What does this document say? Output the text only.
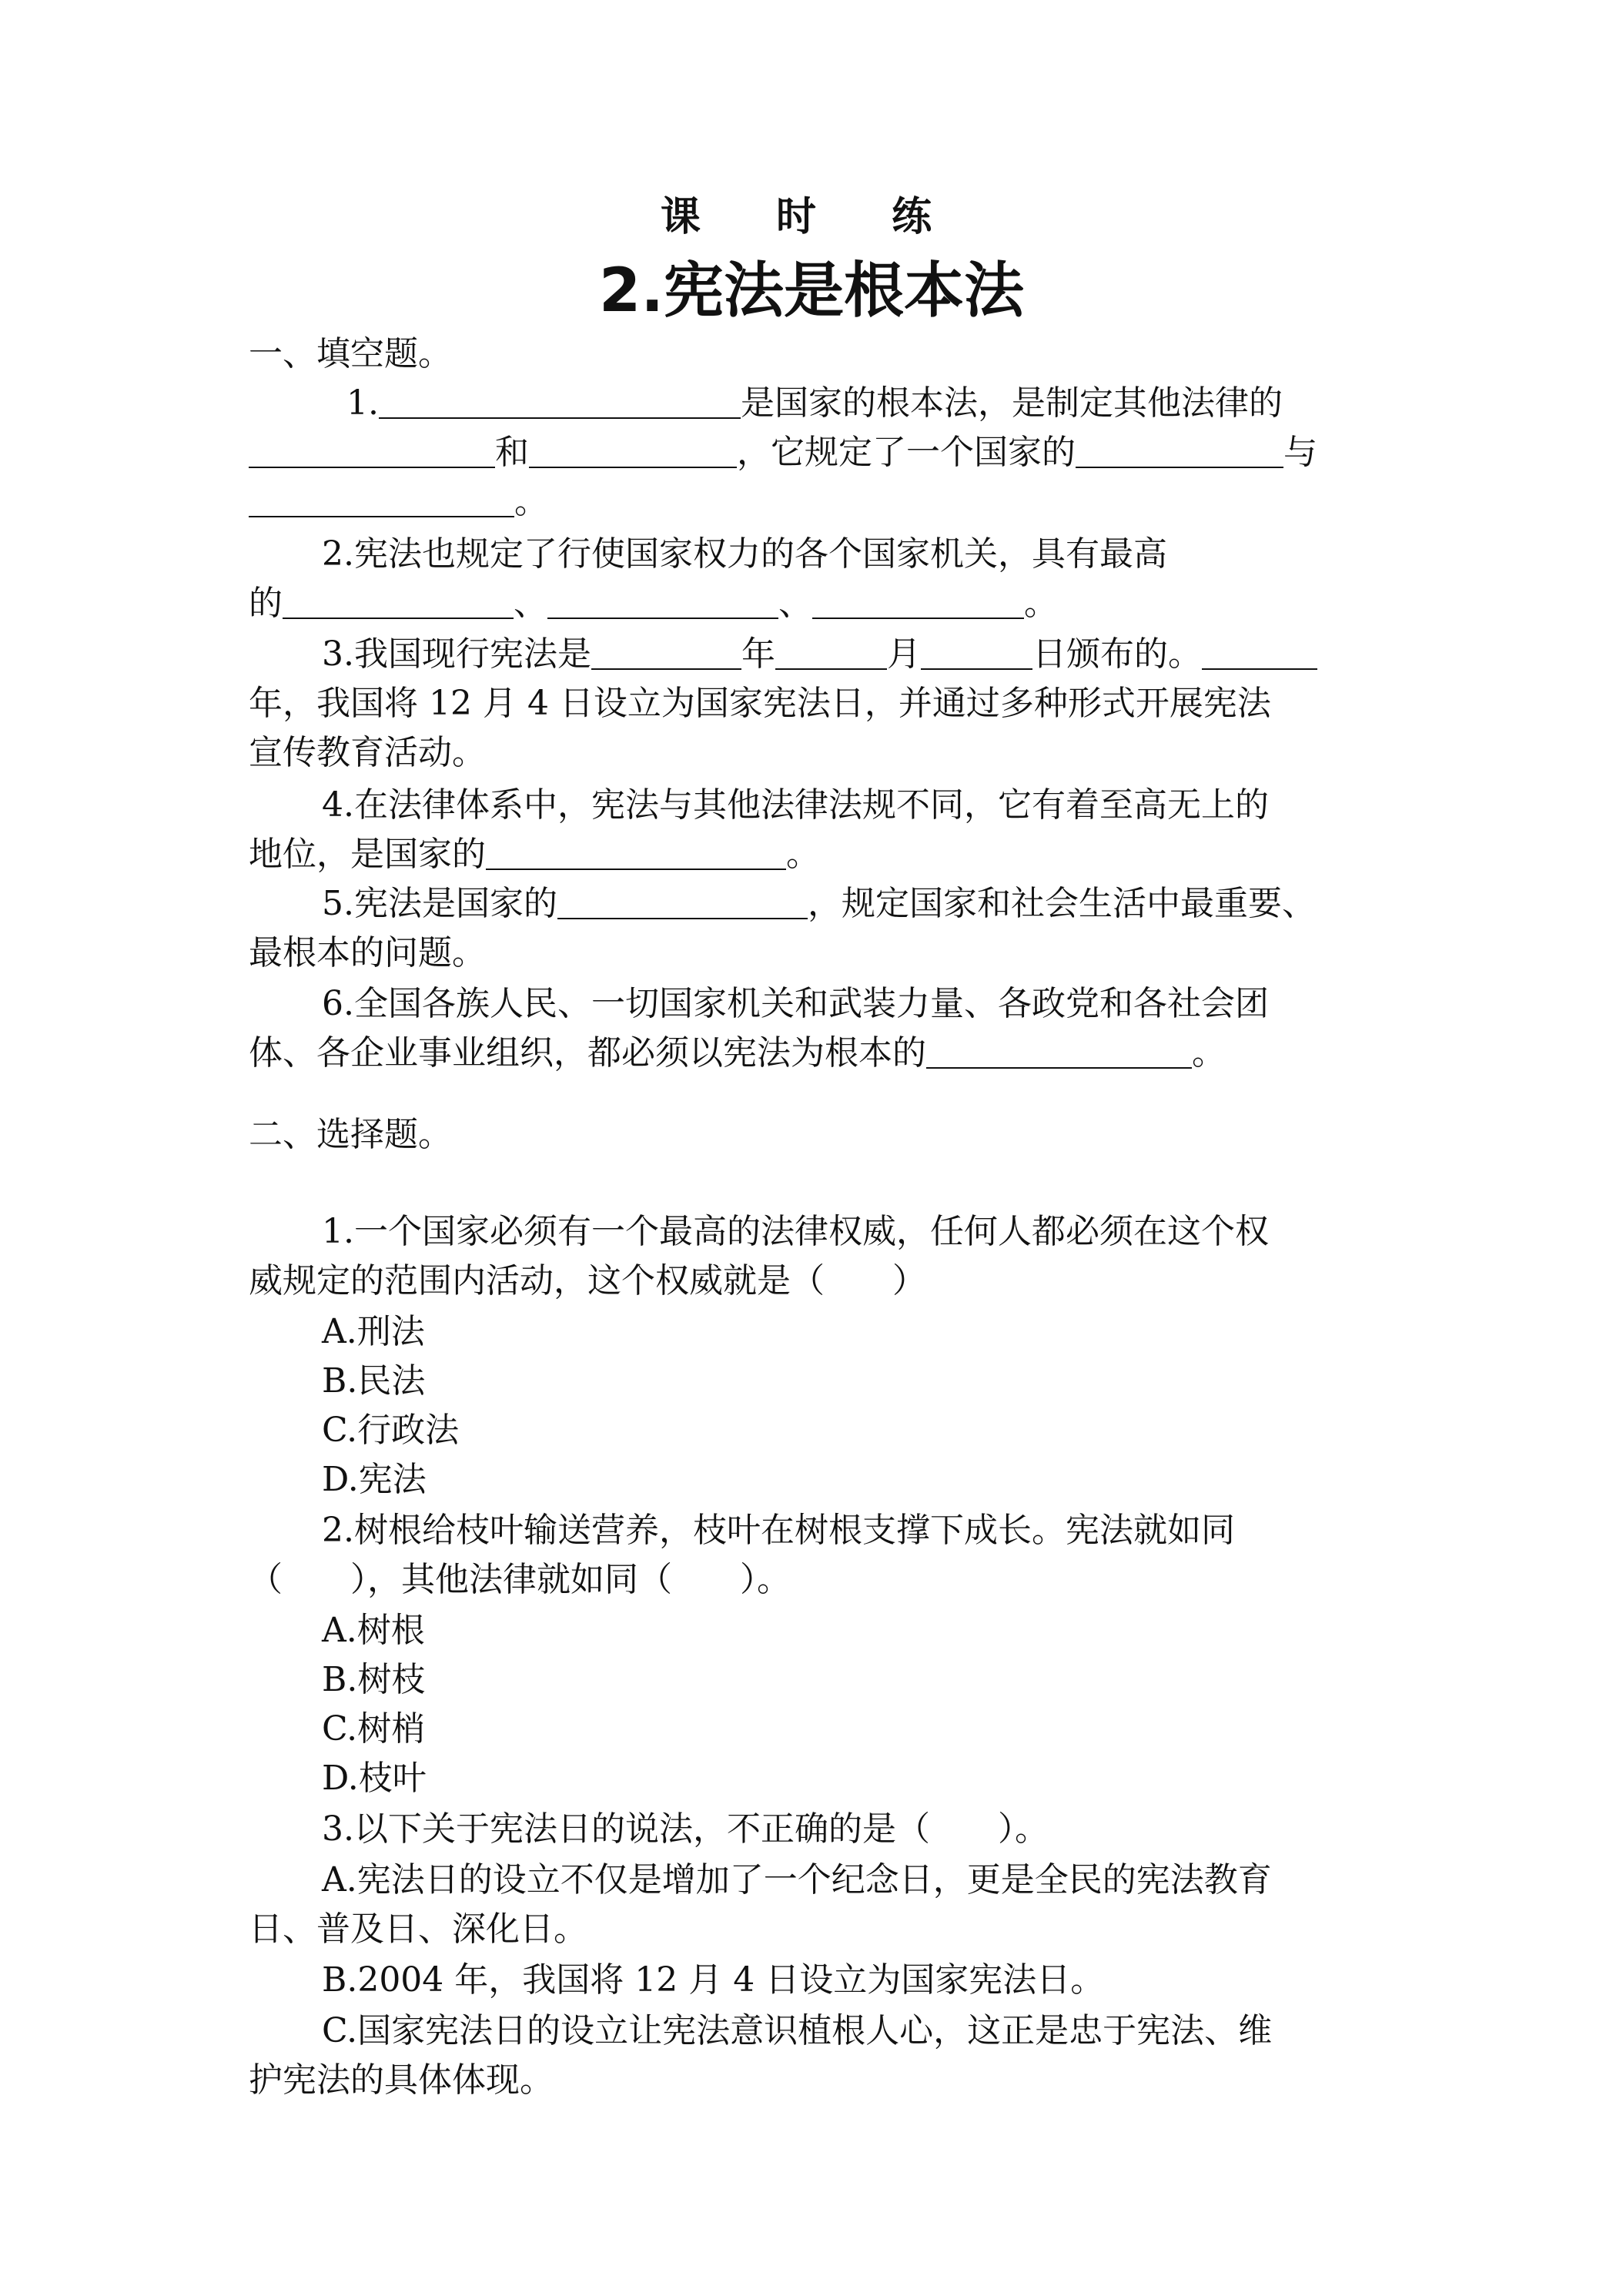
课 时 练
2.宪法是根本法
一、填空题。
1.	是国家的根本法，是制定其他法律的
和	，它规定了一个国家的	与
。
2.宪法也规定了行使国家权力的各个国家机关，具有最高
的	、	、	。
3.我国现行宪法是	年	月	日颁布的。
年，我国将 12 月 4 日设立为国家宪法日，并通过多种形式开展宪法
宣传教育活动。
4.在法律体系中，宪法与其他法律法规不同，它有着至高无上的
地位，是国家的	。
5.宪法是国家的	，规定国家和社会生活中最重要、
最根本的问题。
6.全国各族人民、一切国家机关和武装力量、各政党和各社会团
体、各企业事业组织，都必须以宪法为根本的	。
二、选择题。
1.一个国家必须有一个最高的法律权威，任何人都必须在这个权
威规定的范围内活动，这个权威就是（　　）
A.刑法
B.民法
C.行政法
D.宪法
2.树根给枝叶输送营养，枝叶在树根支撑下成长。宪法就如同
（　　），其他法律就如同（　　）。
A.树根
B.树枝
C.树梢
D.枝叶
3.以下关于宪法日的说法，不正确的是（　　）。
A.宪法日的设立不仅是增加了一个纪念日，更是全民的宪法教育
日、普及日、深化日。
B.2004 年，我国将 12 月 4 日设立为国家宪法日。
C.国家宪法日的设立让宪法意识植根人心，这正是忠于宪法、维
护宪法的具体体现。
